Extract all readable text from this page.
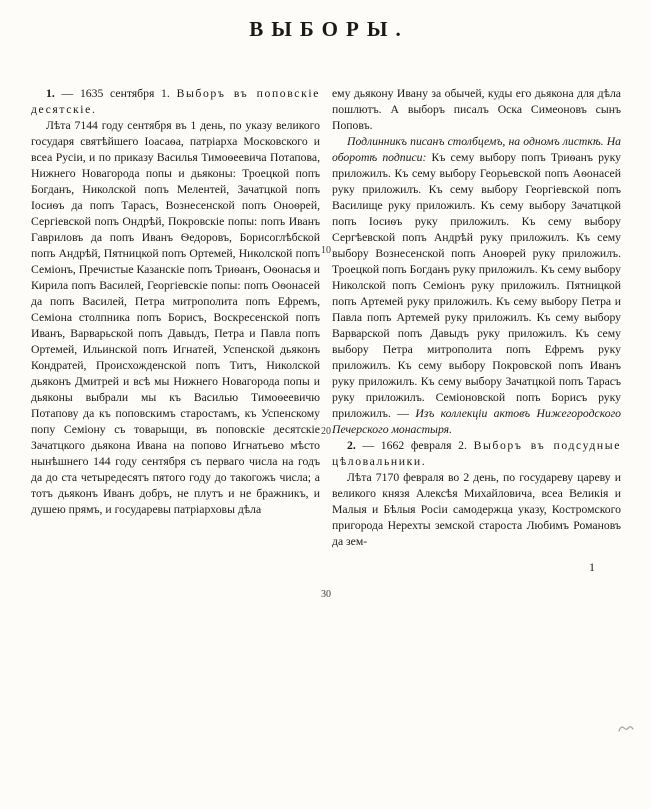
ВЫБОРЫ.

1. — 1635 сентября 1. Выборъ въ поповскіе десятскіе.

Лѣта 7144 году сентября въ 1 день, по указу великого государя святѣйшего Іоасаѳа, патріарха Московского и всеа Русіи, и по приказу Василья Тимоѳеевича Потапова, Нижнего Новагорода попы и дьяконы: Троецкой попъ Богданъ, Николской попъ Мелентей, Зачатцкой попъ Іосиѳъ да попъ Тарасъ, Вознесенской попъ Оноѳрей, Сергіевской попъ Ондрѣй, Покровскіе попы: попъ Иванъ Гавриловъ да попъ Иванъ Ѳедоровъ, Борисоглѣбской попъ Андрѣй, Пятницкой попъ Ортемей, Николской попъ Семіонъ, Пречистые Казанскіе попъ Триѳанъ, Оѳонасья и Кирила попъ Василей, Георгіевскіе попы: попъ Оѳонасей да попъ Василей, Петра митрополита попъ Ефремъ, Семіона столпника попъ Борисъ, Воскресенской попъ Иванъ, Варварьской попъ Давыдъ, Петра и Павла попъ Ортемей, Ильинской попъ Игнатей, Успенской дьяконъ Кондратей, Происхожденской попъ Титъ, Николской дьяконъ Дмитрей и всѣ мы Нижнего Новагорода попы и дьяконы выбрали мы къ Василью Тимоѳеевичю Потапову да къ поповскимъ старостамъ, къ Успенскому попу Семіону съ товарыщи, въ поповскіе десятскіе Зачатцкого дьякона Ивана на попово Игнатьево мѣсто нынѣшнего 144 году сентября съ перваго числа на годъ да до ста четыредесятъ пятого году до такогожъ числа; а тотъ дьяконъ Иванъ добръ, не плутъ и не бражникъ, и душею прямъ, и государевы патріарховы дѣла

ему дьякону Ивану за обычей, куды его дьякона для дѣла пошлютъ. А выборъ писалъ Оска Симеоновъ сынъ Поповъ.

Подлинникъ писанъ столбцемъ, на одномъ листкѣ. На оборотѣ подписи: Къ сему выбору попъ Триѳанъ руку приложилъ. Къ сему выбору Георьевской попъ Аѳонасей руку приложилъ. Къ сему выбору Георгіевской попъ Василище руку приложилъ. Къ сему выбору Зачатцкой попъ Іосиѳъ руку приложилъ. Къ сему выбору Сергѣевской попъ Андрѣй руку приложилъ. Къ сему выбору Вознесенской попъ Аноѳрей руку приложилъ. Троецкой попъ Богданъ руку приложилъ. Къ сему выбору Николской попъ Семіонъ руку приложилъ. Пятницкой попъ Артемей руку приложилъ. Къ сему выбору Петра и Павла попъ Артемей руку приложилъ. Къ сему выбору Варварской попъ Давыдъ руку приложилъ. Къ сему выбору Петра митрополита попъ Ефремъ руку приложилъ. Къ сему выбору Покровской попъ Иванъ руку приложилъ. Къ сему выбору Зачатцкой попъ Тарасъ руку приложилъ. Семіоновской попъ Борисъ руку приложилъ. — Изъ коллекціи актовъ Нижегородского Печерского монастыря.

2. — 1662 февраля 2. Выборъ въ подсудные цѣловальники.

Лѣта 7170 февраля во 2 день, по государеву цареву и великого князя Алексѣя Михайловича, всеа Великія и Малыя и Бѣлыя Росіи самодержца указу, Костромского пригорода Нерехты земской староста Любимъ Романовъ да зем-

1
10
20
30
